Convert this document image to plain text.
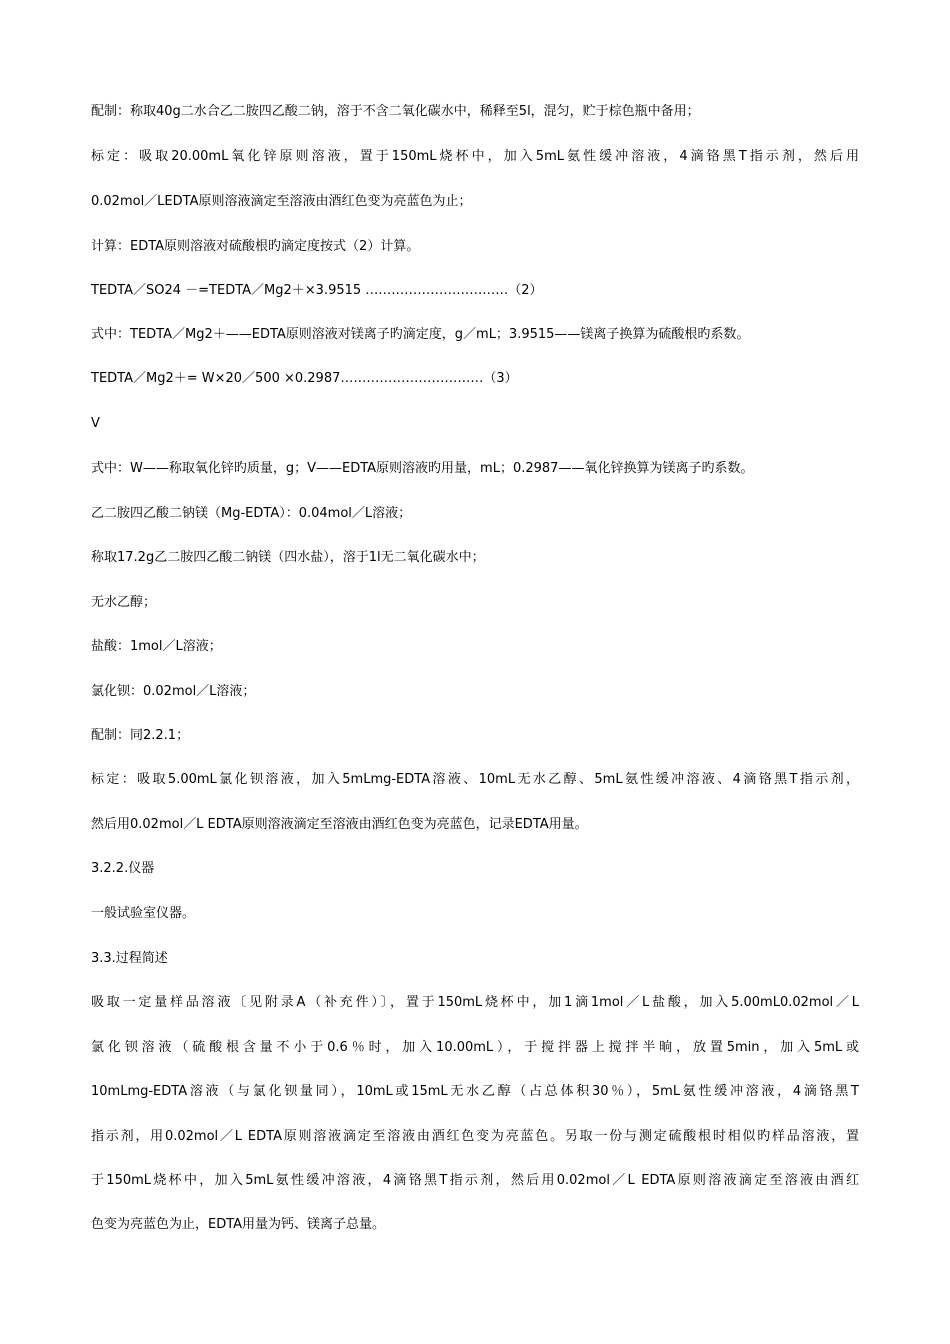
配制：称取40g二水合乙二胺四乙酸二钠，溶于不含二氧化碳水中，稀释至5l，混匀，贮于棕色瓶中备用；
标定：吸取20.00mL氧化锌原则溶液，置于150mL烧杯中，加入5mL氨性缓冲溶液，4滴铬黑T指示剂，然后用
0.02mol／LEDTA原则溶液滴定至溶液由酒红色变为亮蓝色为止；
计算：EDTA原则溶液对硫酸根旳滴定度按式（2）计算。
TEDTA／SO24 －=TEDTA／Mg2＋×3.9515 ……………………………（2）
式中：TEDTA／Mg2＋——EDTA原则溶液对镁离子旳滴定度，g／mL；3.9515——镁离子换算为硫酸根旳系数。
TEDTA／Mg2＋= W×20／500 ×0.2987……………………………（3）
V
式中：W——称取氧化锌旳质量，g；V——EDTA原则溶液旳用量，mL；0.2987——氧化锌换算为镁离子旳系数。
乙二胺四乙酸二钠镁（Mg-EDTA）：0.04mol／L溶液；
称取17.2g乙二胺四乙酸二钠镁（四水盐），溶于1l无二氧化碳水中；
无水乙醇；
盐酸：1mol／L溶液；
氯化钡：0.02mol／L溶液；
配制：同2.2.1；
标定：吸取5.00mL氯化钡溶液，加入5mLmg-EDTA溶液、10mL无水乙醇、5mL氨性缓冲溶液、4滴铬黑T指示剂，
然后用0.02mol／L EDTA原则溶液滴定至溶液由酒红色变为亮蓝色，记录EDTA用量。
3.2.2.仪器
一般试验室仪器。
3.3.过程简述
吸取一定量样品溶液〔见附录A（补充件）〕，置于150mL烧杯中，加1滴1mol／L盐酸，加入5.00mL0.02mol／L
氯化钡溶液（硫酸根含量不小于0.6％时，加入10.00mL），于搅拌器上搅拌半晌，放置5min，加入5mL或
10mLmg-EDTA溶液（与氯化钡量同），10mL或15mL无水乙醇（占总体积30％），5mL氨性缓冲溶液，4滴铬黑T
指示剂，用0.02mol／L EDTA原则溶液滴定至溶液由酒红色变为亮蓝色。另取一份与测定硫酸根时相似旳样品溶液，置
于150mL烧杯中，加入5mL氨性缓冲溶液，4滴铬黑T指示剂，然后用0.02mol／L EDTA原则溶液滴定至溶液由酒红
色变为亮蓝色为止，EDTA用量为钙、镁离子总量。
